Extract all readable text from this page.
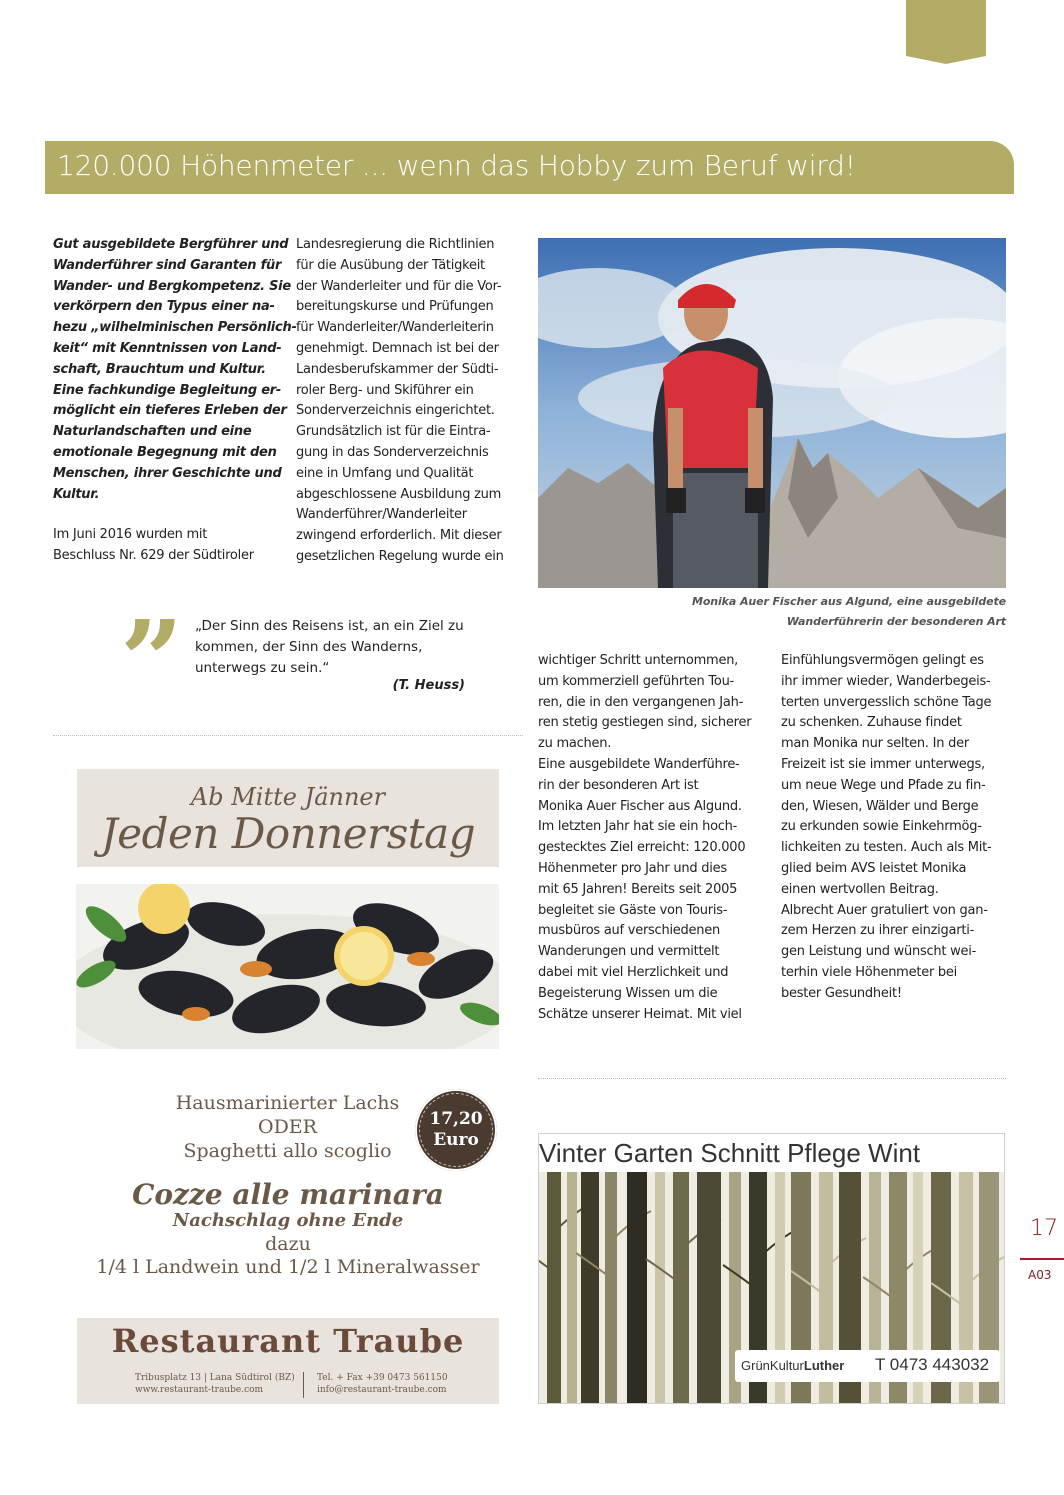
120.000 Höhenmeter ... wenn das Hobby zum Beruf wird!
Gut ausgebildete Bergführer und
Wanderführer sind Garanten für
Wander- und Bergkompetenz. Sie
verkörpern den Typus einer na-
hezu „wilhelminischen Persönlich-
keit“ mit Kenntnissen von Land-
schaft, Brauchtum und Kultur.
Eine fachkundige Begleitung er-
möglicht ein tieferes Erleben der
Naturlandschaften und eine
emotionale Begegnung mit den
Menschen, ihrer Geschichte und
Kultur.

Im Juni 2016 wurden mit
Beschluss Nr. 629 der Südtiroler

Landesregierung die Richtlinien
für die Ausübung der Tätigkeit
der Wanderleiter und für die Vor-
bereitungskurse und Prüfungen
für Wanderleiter/Wanderleiterin
genehmigt. Demnach ist bei der
Landesberufskammer der Südti-
roler Berg- und Skiführer ein
Sonderverzeichnis eingerichtet.
Grundsätzlich ist für die Eintra-
gung in das Sonderverzeichnis
eine in Umfang und Qualität
abgeschlossene Ausbildung zum
Wanderführer/Wanderleiter
zwingend erforderlich. Mit dieser
gesetzlichen Regelung wurde ein
Monika Auer Fischer aus Algund, eine ausgebildete
Wanderführerin der besonderen Art
” „Der Sinn des Reisens ist, an ein Ziel zu
kommen, der Sinn des Wanderns,
unterwegs zu sein.“
(T. Heuss)
wichtiger Schritt unternommen,
um kommerziell geführten Tou-
ren, die in den vergangenen Jah-
ren stetig gestiegen sind, sicherer
zu machen.
Eine ausgebildete Wanderführe-
rin der besonderen Art ist
Monika Auer Fischer aus Algund.
Im letzten Jahr hat sie ein hoch-
gestecktes Ziel erreicht: 120.000
Höhenmeter pro Jahr und dies
mit 65 Jahren! Bereits seit 2005
begleitet sie Gäste von Touris-
musbüros auf verschiedenen
Wanderungen und vermittelt
dabei mit viel Herzlichkeit und
Begeisterung Wissen um die
Schätze unserer Heimat. Mit viel
Einfühlungsvermögen gelingt es
ihr immer wieder, Wanderbegeis-
terten unvergesslich schöne Tage
zu schenken. Zuhause findet
man Monika nur selten. In der
Freizeit ist sie immer unterwegs,
um neue Wege und Pfade zu fin-
den, Wiesen, Wälder und Berge
zu erkunden sowie Einkehrmög-
lichkeiten zu testen. Auch als Mit-
glied beim AVS leistet Monika
einen wertvollen Beitrag.
Albrecht Auer gratuliert von gan-
zem Herzen zu ihrer einzigarti-
gen Leistung und wünscht wei-
terhin viele Höhenmeter bei
bester Gesundheit!
Ab Mitte Jänner
Jeden Donnerstag
Hausmarinierter Lachs
ODER
Spaghetti allo scoglio
17,20
Euro
Cozze alle marinara
Nachschlag ohne Ende
dazu
1/4 l Landwein und 1/2 l Mineralwasser
Restaurant Traube
Tribusplatz 13 | Lana Südtirol (BZ)
www.restaurant-traube.com
Tel. + Fax +39 0473 561150
info@restaurant-traube.com
Vinter Garten Schnitt Pflege Wint
GrünKulturLuther T 0473 443032
17
A03
